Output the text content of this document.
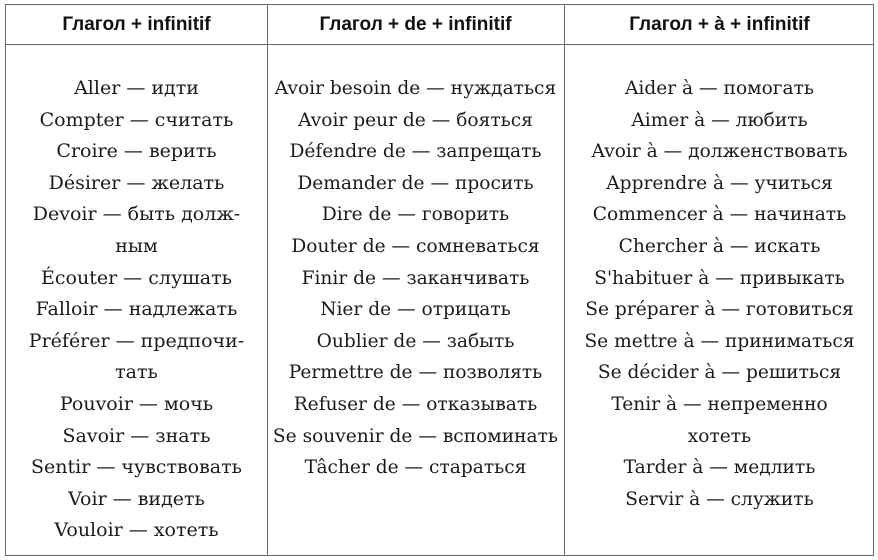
Глагол + infinitif	Глагол + de + infinitif	Глагол + à + infinitif
Aller — идти
Compter — считать
Croire — верить
Désirer — желать
Devoir — быть долж-
ным
Écouter — слушать
Falloir — надлежать
Préférer — предпочи-
тать
Pouvoir — мочь
Savoir — знать
Sentir — чувствовать
Voir — видеть
Vouloir — хотеть
Avoir besoin de — нуждаться
Avoir peur de — бояться
Défendre de — запрещать
Demander de — просить
Dire de — говорить
Douter de — сомневаться
Finir de — заканчивать
Nier de — отрицать
Oublier de — забыть
Permettre de — позволять
Refuser de — отказывать
Se souvenir de — вспоминать
Tâcher de — стараться
Aider à — помогать
Aimer à — любить
Avoir à — долженствовать
Apprendre à — учиться
Commencer à — начинать
Chercher à — искать
S'habituer à — привыкать
Se préparer à — готовиться
Se mettre à — приниматься
Se décider à — решиться
Tenir à — непременно
хотеть
Tarder à — медлить
Servir à — служить
